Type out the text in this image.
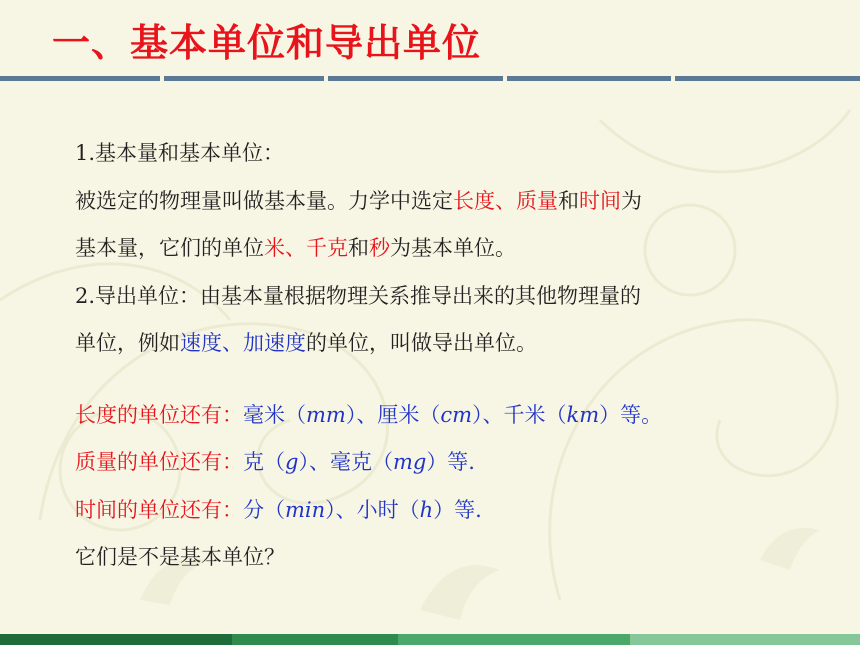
一、基本单位和导出单位
1.基本量和基本单位：
被选定的物理量叫做基本量。力学中选定长度、质量和时间为
基本量，它们的单位米、千克和秒为基本单位。
2.导出单位：由基本量根据物理关系推导出来的其他物理量的
单位，例如速度、加速度的单位，叫做导出单位。
长度的单位还有：毫米（mm）、厘米（cm）、千米（km）等。
质量的单位还有：克（g）、毫克（mg）等.
时间的单位还有：分（min）、小时（h）等.
它们是不是基本单位？
